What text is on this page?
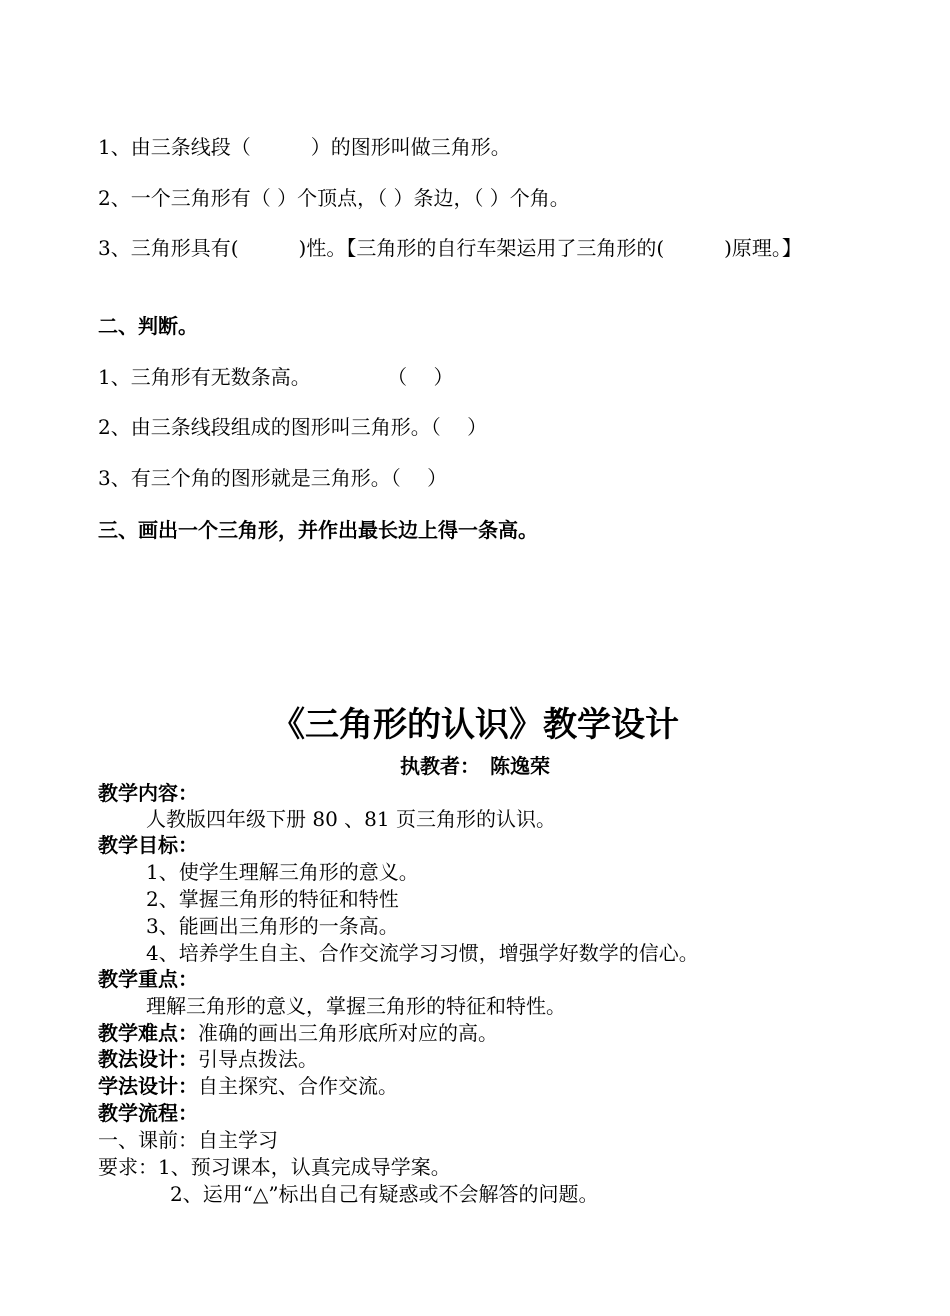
1、由三条线段（　　　）的图形叫做三角形。
2、一个三角形有（ ）个顶点，（ ）条边，（ ）个角。
3、三角形具有(　　　)性。【三角形的自行车架运用了三角形的(　　　)原理。】
二、判断。
1、三角形有无数条高。　　　　 （　 ）
2、由三条线段组成的图形叫三角形。（　 ）
3、有三个角的图形就是三角形。（　 ）
三、画出一个三角形，并作出最长边上得一条高。
《三角形的认识》教学设计
执教者：　陈逸荣
教学内容：
人教版四年级下册 80 、81 页三角形的认识。
教学目标：
1、使学生理解三角形的意义。
2、掌握三角形的特征和特性
3、能画出三角形的一条高。
4、培养学生自主、合作交流学习习惯，增强学好数学的信心。
教学重点：
理解三角形的意义，掌握三角形的特征和特性。
教学难点：准确的画出三角形底所对应的高。
教法设计：引导点拨法。
学法设计：自主探究、合作交流。
教学流程：
一、课前：自主学习
要求：1、预习课本，认真完成导学案。
2、运用“△”标出自己有疑惑或不会解答的问题。
